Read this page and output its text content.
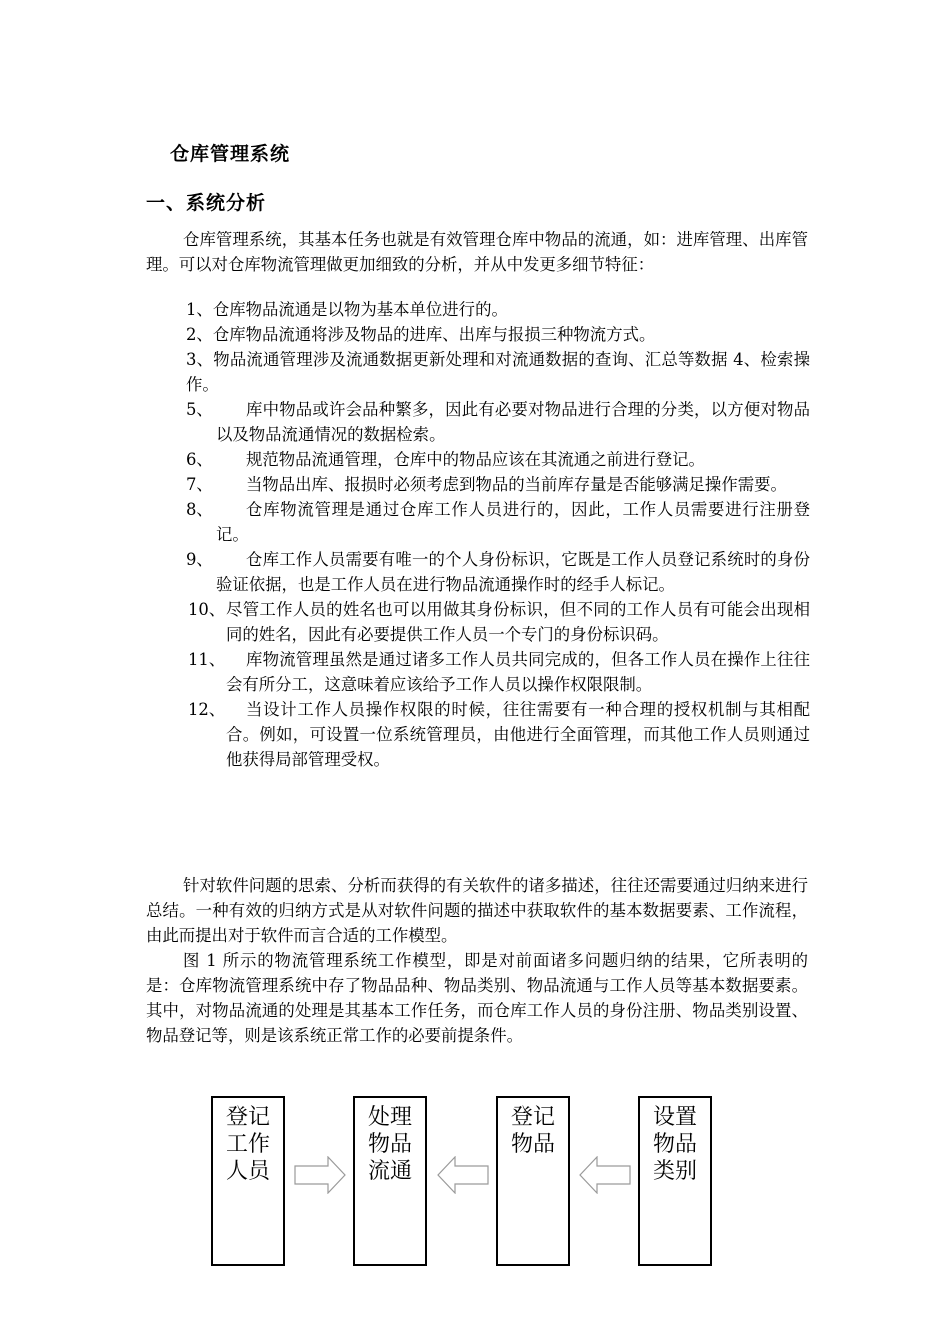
仓库管理系统
一、系统分析

仓库管理系统，其基本任务也就是有效管理仓库中物品的流通，如：进库管理、出库管理。可以对仓库物流管理做更加细致的分析，并从中发更多细节特征：

1、仓库物品流通是以物为基本单位进行的。
2、仓库物品流通将涉及物品的进库、出库与报损三种物流方式。
3、物品流通管理涉及流通数据更新处理和对流通数据的查询、汇总等数据 4、检索操作。
5、	库中物品或许会品种繁多，因此有必要对物品进行合理的分类，以方便对物品以及物品流通情况的数据检索。
6、	规范物品流通管理，仓库中的物品应该在其流通之前进行登记。
7、	当物品出库、报损时必须考虑到物品的当前库存量是否能够满足操作需要。
8、	仓库物流管理是通过仓库工作人员进行的，因此，工作人员需要进行注册登记。
9、	仓库工作人员需要有唯一的个人身份标识，它既是工作人员登记系统时的身份验证依据，也是工作人员在进行物品流通操作时的经手人标记。
10、 尽管工作人员的姓名也可以用做其身份标识，但不同的工作人员有可能会出现相同的姓名，因此有必要提供工作人员一个专门的身份标识码。
11、	库物流管理虽然是通过诸多工作人员共同完成的，但各工作人员在操作上往往会有所分工，这意味着应该给予工作人员以操作权限限制。
12、	当设计工作人员操作权限的时候，往往需要有一种合理的授权机制与其相配合。例如，可设置一位系统管理员，由他进行全面管理，而其他工作人员则通过他获得局部管理受权。

针对软件问题的思索、分析而获得的有关软件的诸多描述，往往还需要通过归纳来进行总结。一种有效的归纳方式是从对软件问题的描述中获取软件的基本数据要素、工作流程，由此而提出对于软件而言合适的工作模型。

图 1 所示的物流管理系统工作模型，即是对前面诸多问题归纳的结果，它所表明的是：仓库物流管理系统中存了物品品种、物品类别、物品流通与工作人员等基本数据要素。其中，对物品流通的处理是其基本工作任务，而仓库工作人员的身份注册、物品类别设置、物品登记等，则是该系统正常工作的必要前提条件。

登记
工作
人员
处理
物品
流通
登记
物品
设置
物品
类别
